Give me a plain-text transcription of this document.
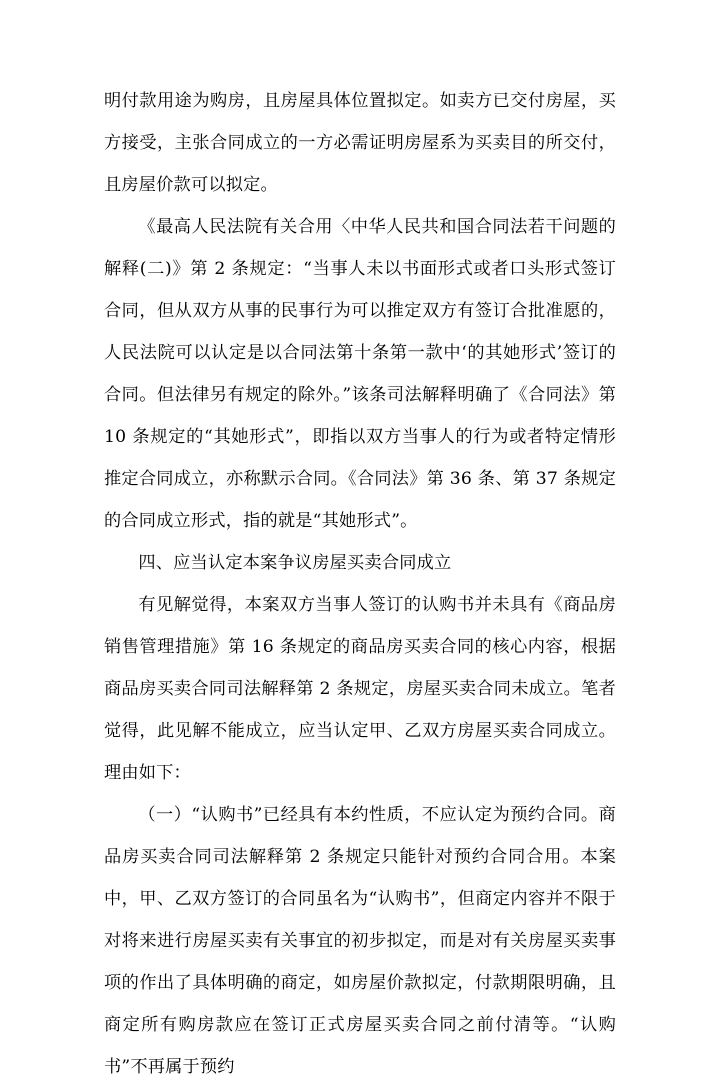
明付款用途为购房，且房屋具体位置拟定。如卖方已交付房屋，买方接受，主张合同成立的一方必需证明房屋系为买卖目的所交付，且房屋价款可以拟定。

《最高人民法院有关合用〈中华人民共和国合同法若干问题的解释(二)》第 2 条规定：“当事人未以书面形式或者口头形式签订合同，但从双方从事的民事行为可以推定双方有签订合批准愿的，人民法院可以认定是以合同法第十条第一款中‘的其她形式’签订的合同。但法律另有规定的除外。”该条司法解释明确了《合同法》第 10 条规定的“其她形式”，即指以双方当事人的行为或者特定情形推定合同成立，亦称默示合同。《合同法》第 36 条、第 37 条规定的合同成立形式，指的就是“其她形式”。

四、应当认定本案争议房屋买卖合同成立

有见解觉得，本案双方当事人签订的认购书并未具有《商品房销售管理措施》第 16 条规定的商品房买卖合同的核心内容，根据商品房买卖合同司法解释第 2 条规定，房屋买卖合同未成立。笔者觉得，此见解不能成立，应当认定甲、乙双方房屋买卖合同成立。理由如下：

（一）“认购书”已经具有本约性质，不应认定为预约合同。商品房买卖合同司法解释第 2 条规定只能针对预约合同合用。本案中，甲、乙双方签订的合同虽名为“认购书”，但商定内容并不限于对将来进行房屋买卖有关事宜的初步拟定，而是对有关房屋买卖事项的作出了具体明确的商定，如房屋价款拟定，付款期限明确，且商定所有购房款应在签订正式房屋买卖合同之前付清等。“认购书”不再属于预约
